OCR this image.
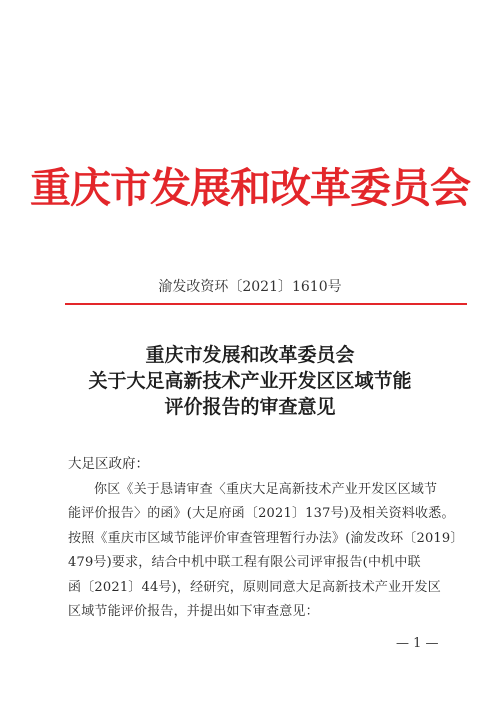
重庆市发展和改革委员会
渝发改资环〔2021〕1610号
重庆市发展和改革委员会
关于大足高新技术产业开发区区域节能
评价报告的审查意见
大足区政府：
你区《关于恳请审查〈重庆大足高新技术产业开发区区域节
能评价报告〉的函》(大足府函〔2021〕137号)及相关资料收悉。
按照《重庆市区域节能评价审查管理暂行办法》(渝发改环〔2019〕
479号)要求，结合中机中联工程有限公司评审报告(中机中联
函〔2021〕44号)，经研究，原则同意大足高新技术产业开发区
区域节能评价报告，并提出如下审查意见：
— 1 —
